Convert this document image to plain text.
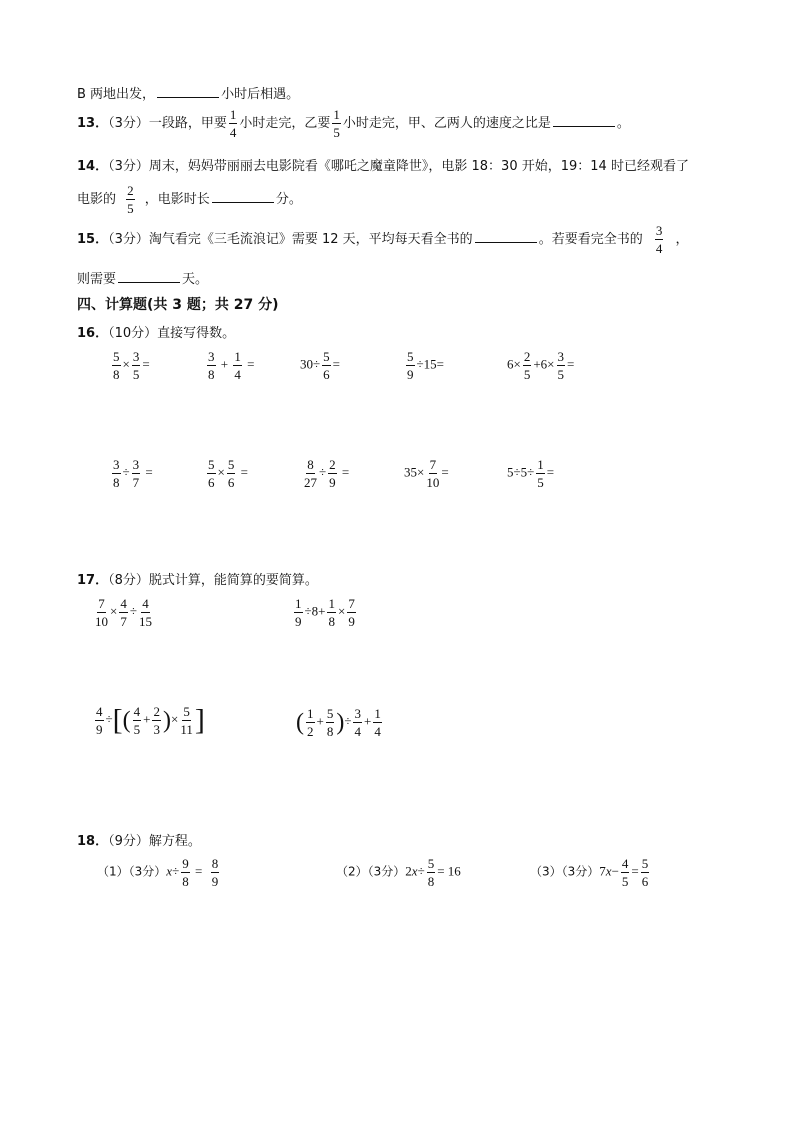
B 两地出发，	小时后相遇。
13．（3分）一段路，甲要 $\frac{1}{4}$ 小时走完，乙要 $\frac{1}{5}$ 小时走完，甲、乙两人的速度之比是	。
14．（3分）周末，妈妈带丽丽去电影院看《哪吒之魔童降世》，电影 18：30 开始，19：14 时已经观看了
电影的 $\frac{2}{5}$ ，电影时长	分。
15．（3分）淘气看完《三毛流浪记》需要 12 天，平均每天看全书的	。若要看完全书的 $\frac{3}{4}$ ，
则需要	天。
四、计算题(共 3 题；共 27 分)
16．（10分）直接写得数。
$\frac{5}{8} \times \frac{3}{5}$ =	$\frac{3}{8} + \frac{1}{4}$ =	$30\div \frac{5}{6}$ =	$\frac{5}{9} \div 15=$	$6\times \frac{2}{5} +6\times \frac{3}{5}$ =
$\frac{3}{8} \div \frac{3}{7}$ =	$\frac{5}{6} \times \frac{5}{6}$ =	$\frac{8}{27} \div \frac{2}{9}$ =	$35\times \frac{7}{10}$ =	$5\div 5\div \frac{1}{5}$ =
17．（8分）脱式计算，能简算的要简算。
$\frac{7}{10} \times \frac{4}{7} \div \frac{4}{15}$	$\frac{1}{9} \div 8+ \frac{1}{8} \times \frac{7}{9}$
$\frac{4}{9}$ ÷[( $\frac{4}{5} + \frac{2}{3}$ )× $\frac{5}{11}$ ]	( $\frac{1}{2} + \frac{5}{8}$ )÷ $\frac{3}{4} + \frac{1}{4}$
18．（9分）解方程。
（1）（3分）$x\div \frac{9}{8} = \frac{8}{9}$	（2）（3分）$2x\div \frac{5}{8} = 16$	（3）（3分）$7x- \frac{4}{5} = \frac{5}{6}$
